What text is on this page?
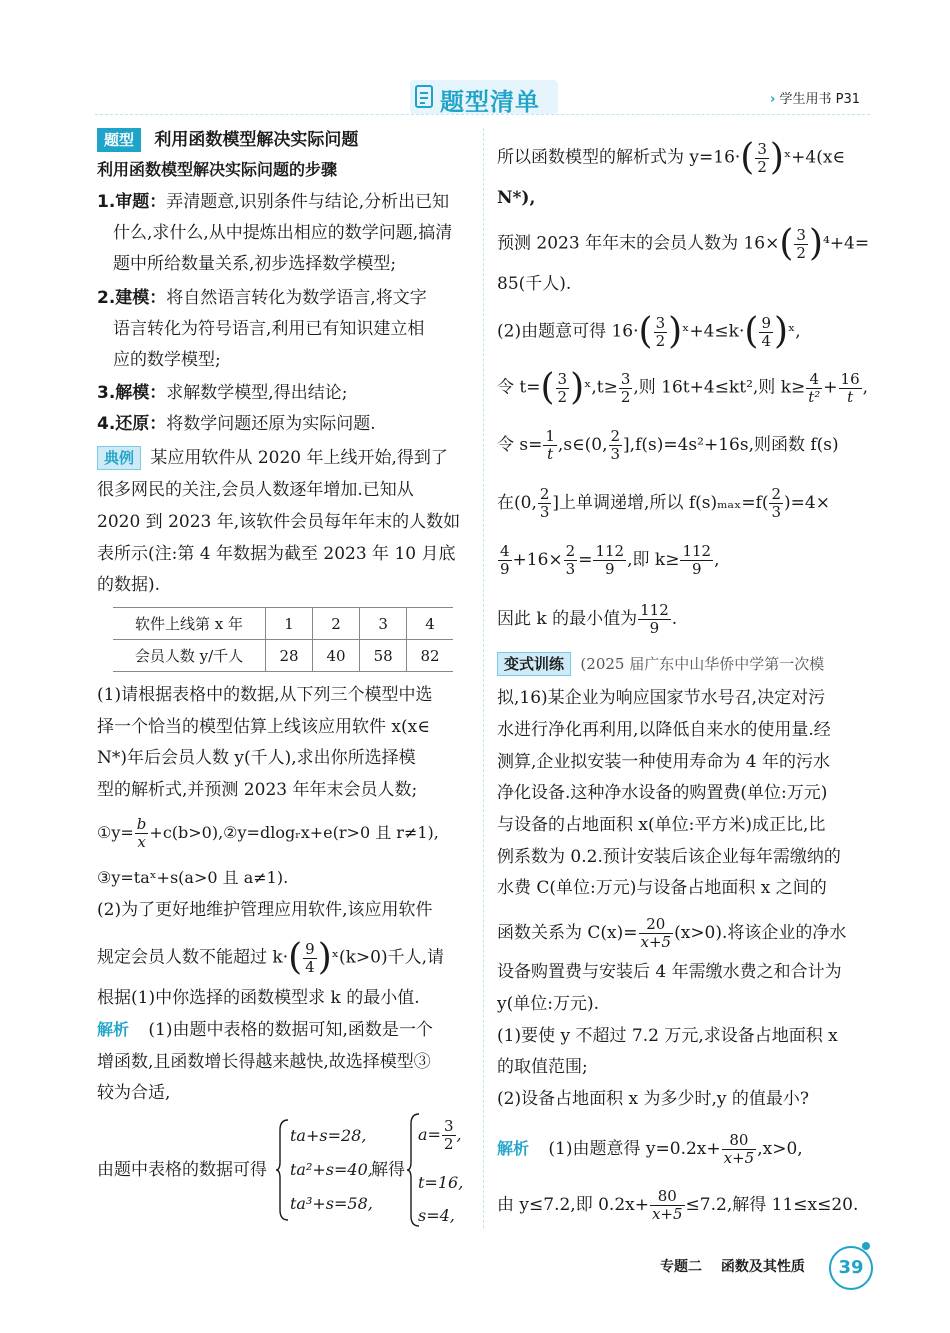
题型清单	› 学生用书 P31
题型 利用函数模型解决实际问题
利用函数模型解决实际问题的步骤
1.审题：弄清题意,识别条件与结论,分析出已知
什么,求什么,从中提炼出相应的数学问题,搞清
题中所给数量关系,初步选择数学模型;
2.建模：将自然语言转化为数学语言,将文字
语言转化为符号语言,利用已有知识建立相
应的数学模型;
3.解模：求解数学模型,得出结论;
4.还原：将数学问题还原为实际问题.
典例 某应用软件从 2020 年上线开始,得到了
很多网民的关注,会员人数逐年增加.已知从
2020 到 2023 年,该软件会员每年年末的人数如
表所示(注:第 4 年数据为截至 2023 年 10 月底
的数据).
软件上线第 x 年	1	2	3	4
会员人数 y/千人	28	40	58	82
(1)请根据表格中的数据,从下列三个模型中选
择一个恰当的模型估算上线该应用软件 x(x∈
N*)年后会员人数 y(千人),求出你所选择模
型的解析式,并预测 2023 年年末会员人数;
①y= $\frac{b}{x}$ +c(b>0),②y=dlogᵣx+e(r>0 且 r≠1),
③y=taˣ+s(a>0 且 a≠1).
(2)为了更好地维护管理应用软件,该应用软件
规定会员人数不能超过 $k\cdot( \frac{9}{4}$ )ˣ(k>0)千人,请
根据(1)中你选择的函数模型求 k 的最小值.
解析 (1)由题中表格的数据可知,函数是一个
增函数,且函数增长得越来越快,故选择模型③
较为合适,
由题中表格的数据可得
ta+s=28,
ta²+s=40,
ta³+s=58,
解得
$a= \frac{3}{2}$ ,
t=16,
s=4,
所以函数模型的解析式为 $y=16\cdot( \frac{3}{2}$ )ˣ+4(x∈
N*),
预测 2023 年年末的会员人数为 $16\times( \frac{3}{2} )^4+4=$
85(千人).
(2)由题意可得 $16\cdot( \frac{3}{2}$ )ˣ+4≤k·( $\frac{9}{4}$ )ˣ,
令 $t=( \frac{3}{2}$ )ˣ,t≥ $\frac{3}{2}$ ,则 16t+4≤kt²,则 $k\ge \frac{4}{\text{t²}} + \frac{16}{t}$ ,
令 $s= \frac{1}{t}$ ,s∈(0, $\frac{2}{3} ],f(s)=4s^2+16s$,则函数 f(s)
在(0, $\frac{2}{3}$ ]上单调递增,所以 $f(s)_{max}=f( \frac{2}{3} )=4\times$
$\frac{4}{9} +16\times \frac{2}{3} = \frac{112}{9}$ ,即 $k\ge \frac{112}{9}$ ,
因此 k 的最小值为 $\frac{112}{9}$ .
变式训练 (2025 届广东中山华侨中学第一次模
拟,16)某企业为响应国家节水号召,决定对污
水进行净化再利用,以降低自来水的使用量.经
测算,企业拟安装一种使用寿命为 4 年的污水
净化设备.这种净水设备的购置费(单位:万元)
与设备的占地面积 x(单位:平方米)成正比,比
例系数为 0.2.预计安装后该企业每年需缴纳的
水费 C(单位:万元)与设备占地面积 x 之间的
函数关系为 $C(x)= \frac{20}{x+5} (x>0)$.将该企业的净水
设备购置费与安装后 4 年需缴水费之和合计为
y(单位:万元).
(1)要使 y 不超过 7.2 万元,求设备占地面积 x
的取值范围;
(2)设备占地面积 x 为多少时,y 的值最小?
解析 (1)由题意得 $y=0.2x+ \frac{80}{x+5} ,x>0$,
由 y≤7.2,即 $0.2x+ \frac{80}{x+5} \le 7.2$,解得 11≤x≤20.
专题二 函数及其性质	39
